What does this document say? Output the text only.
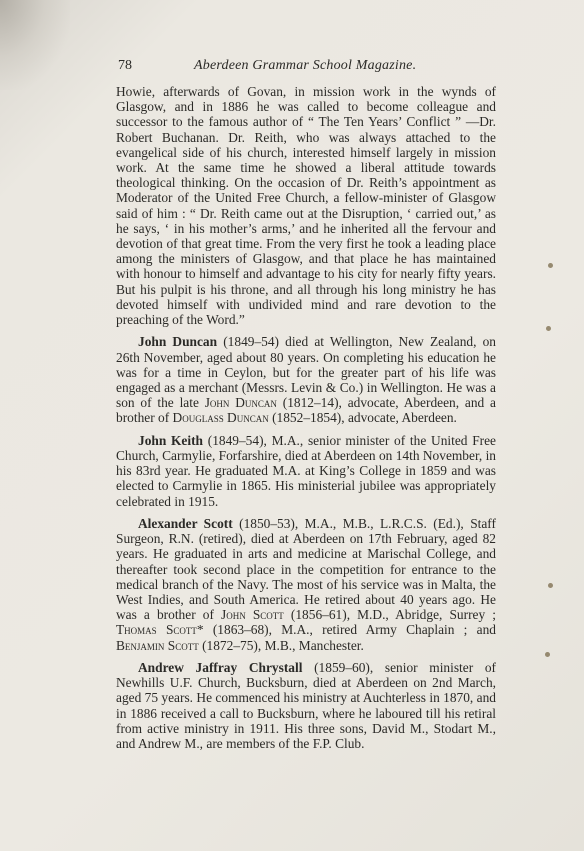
78	Aberdeen Grammar School Magazine.

Howie, afterwards of Govan, in mission work in the wynds of Glasgow, and in 1886 he was called to become colleague and successor to the famous author of “ The Ten Years’ Conflict ” —Dr. Robert Buchanan. Dr. Reith, who was always attached to the evangelical side of his church, interested himself largely in mission work. At the same time he showed a liberal attitude towards theological thinking. On the occasion of Dr. Reith’s appointment as Moderator of the United Free Church, a fellow-minister of Glasgow said of him : “ Dr. Reith came out at the Disruption, ‘ carried out,’ as he says, ‘ in his mother’s arms,’ and he inherited all the fervour and devotion of that great time. From the very first he took a leading place among the ministers of Glasgow, and that place he has maintained with honour to himself and advantage to his city for nearly fifty years. But his pulpit is his throne, and all through his long ministry he has devoted himself with undivided mind and rare devotion to the preaching of the Word.”

John Duncan (1849–54) died at Wellington, New Zealand, on 26th November, aged about 80 years. On completing his education he was for a time in Ceylon, but for the greater part of his life was engaged as a merchant (Messrs. Levin & Co.) in Wellington. He was a son of the late John Duncan (1812–14), advocate, Aberdeen, and a brother of Douglass Duncan (1852–1854), advocate, Aberdeen.

John Keith (1849–54), M.A., senior minister of the United Free Church, Carmylie, Forfarshire, died at Aberdeen on 14th November, in his 83rd year. He graduated M.A. at King’s College in 1859 and was elected to Carmylie in 1865. His ministerial jubilee was appropriately celebrated in 1915.

Alexander Scott (1850–53), M.A., M.B., L.R.C.S. (Ed.), Staff Surgeon, R.N. (retired), died at Aberdeen on 17th February, aged 82 years. He graduated in arts and medicine at Marischal College, and thereafter took second place in the competition for entrance to the medical branch of the Navy. The most of his service was in Malta, the West Indies, and South America. He retired about 40 years ago. He was a brother of John Scott (1856–61), M.D., Abridge, Surrey ; Thomas Scott* (1863–68), M.A., retired Army Chaplain ; and Benjamin Scott (1872–75), M.B., Manchester.

Andrew Jaffray Chrystall (1859–60), senior minister of Newhills U.F. Church, Bucksburn, died at Aberdeen on 2nd March, aged 75 years. He commenced his ministry at Auchterless in 1870, and in 1886 received a call to Bucksburn, where he laboured till his retiral from active ministry in 1911. His three sons, David M., Stodart M., and Andrew M., are members of the F.P. Club.
